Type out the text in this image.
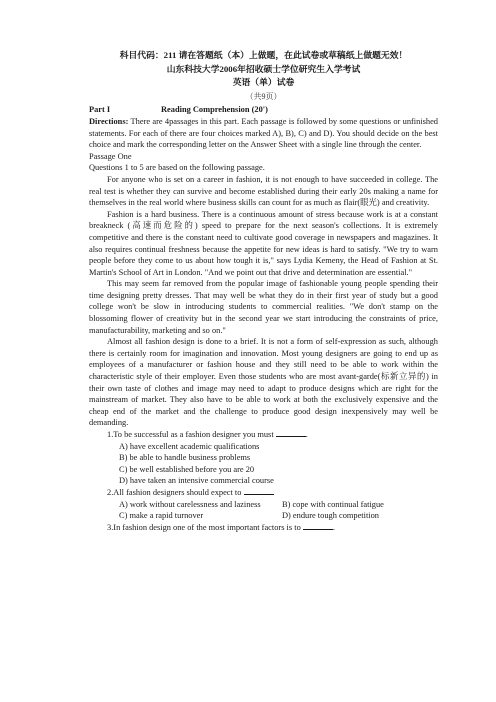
科目代码：211 请在答题纸（本）上做题，在此试卷或草稿纸上做题无效！
山东科技大学2006年招收硕士学位研究生入学考试
英语（单）试卷
（共9页）
Part I	Reading Comprehension (20')

Directions: There are 4passages in this part. Each passage is followed by some questions or unfinished statements. For each of there are four choices marked A), B), C) and D). You should decide on the best choice and mark the corresponding letter on the Answer Sheet with a single line through the center.

Passage One
Questions 1 to 5 are based on the following passage.

For anyone who is set on a career in fashion, it is not enough to have succeeded in college. The real test is whether they can survive and become established during their early 20s making a name for themselves in the real world where business skills can count for as much as flair(眼光) and creativity.

Fashion is a hard business. There is a continuous amount of stress because work is at a constant breakneck (高速而危险的) speed to prepare for the next season's collections. It is extremely competitive and there is the constant need to cultivate good coverage in newspapers and magazines. It also requires continual freshness because the appetite for new ideas is hard to satisfy. "We try to warn people before they come to us about how tough it is," says Lydia Kemeny, the Head of Fashion at St. Martin's School of Art in London. "And we point out that drive and determination are essential."

This may seem far removed from the popular image of fashionable young people spending their time designing pretty dresses. That may well be what they do in their first year of study but a good college won't be slow in introducing students to commercial realities. "We don't stamp on the blossoming flower of creativity but in the second year we start introducing the constraints of price, manufacturability, marketing and so on."

Almost all fashion design is done to a brief. It is not a form of self-expression as such, although there is certainly room for imagination and innovation. Most young designers are going to end up as employees of a manufacturer or fashion house and they still need to be able to work within the characteristic style of their employer. Even those students who are most avant-garde(标新立异的) in their own taste of clothes and image may need to adapt to produce designs which are right for the mainstream of market. They also have to be able to work at both the exclusively expensive and the cheap end of the market and the challenge to produce good design inexpensively may well be demanding.

1.To be successful as a fashion designer you must	.
A) have excellent academic qualifications
B) be able to handle business problems
C) be well established before you are 20
D) have taken an intensive commercial course
2.All fashion designers should expect to
A) work without carelessness and laziness	B) cope with continual fatigue
C) make a rapid turnover	D) endure tough competition
3.In fashion design one of the most important factors is to	.
